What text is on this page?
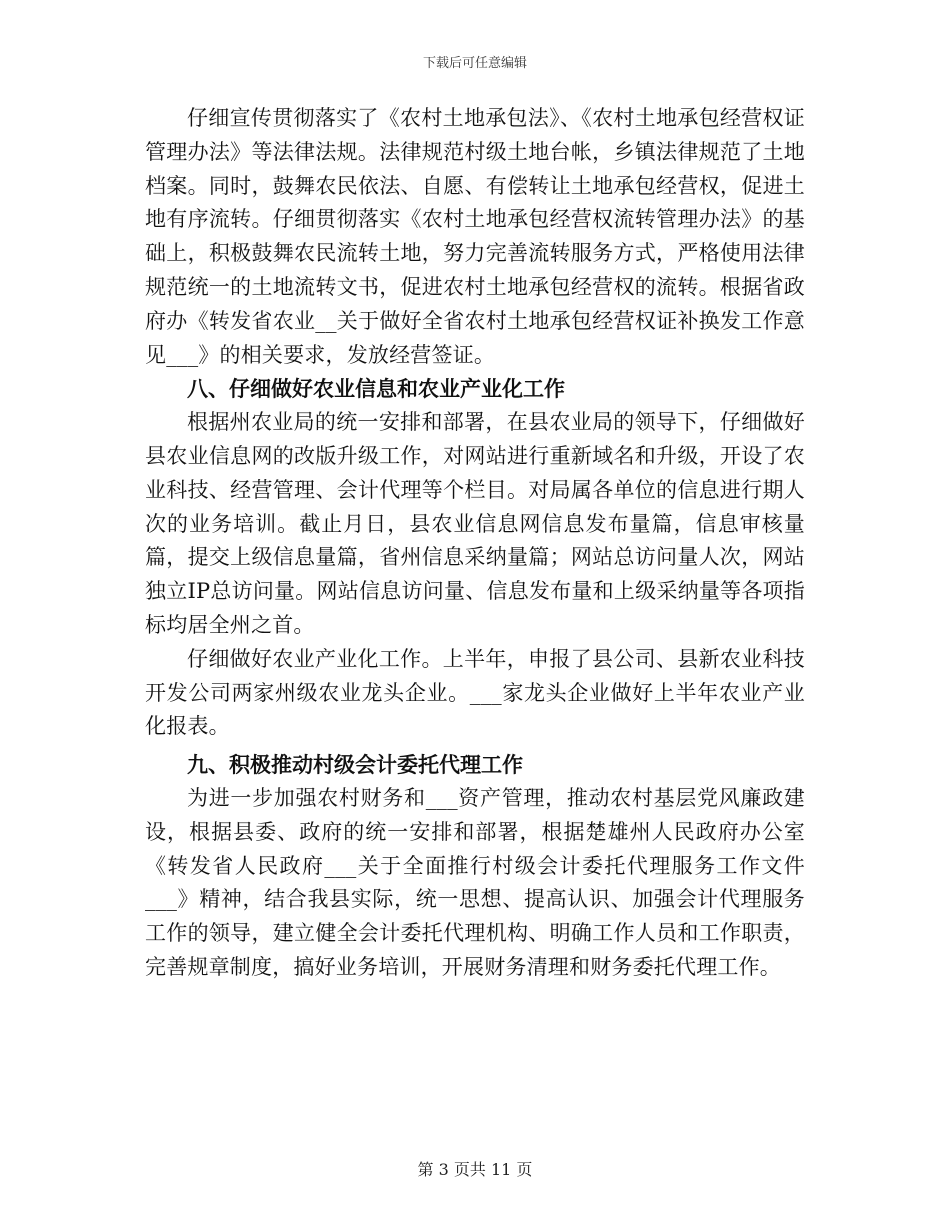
下载后可任意编辑

仔细宣传贯彻落实了《农村土地承包法》、《农村土地承包经营权证管理办法》等法律法规。法律规范村级土地台帐，乡镇法律规范了土地档案。同时，鼓舞农民依法、自愿、有偿转让土地承包经营权，促进土地有序流转。仔细贯彻落实《农村土地承包经营权流转管理办法》的基础上，积极鼓舞农民流转土地，努力完善流转服务方式，严格使用法律规范统一的土地流转文书，促进农村土地承包经营权的流转。根据省政府办《转发省农业__关于做好全省农村土地承包经营权证补换发工作意见___》的相关要求，发放经营签证。

八、仔细做好农业信息和农业产业化工作

根据州农业局的统一安排和部署，在县农业局的领导下，仔细做好县农业信息网的改版升级工作，对网站进行重新域名和升级，开设了农业科技、经营管理、会计代理等个栏目。对局属各单位的信息进行期人次的业务培训。截止月日，县农业信息网信息发布量篇，信息审核量篇，提交上级信息量篇，省州信息采纳量篇；网站总访问量人次，网站独立IP总访问量。网站信息访问量、信息发布量和上级采纳量等各项指标均居全州之首。

仔细做好农业产业化工作。上半年，申报了县公司、县新农业科技开发公司两家州级农业龙头企业。___家龙头企业做好上半年农业产业化报表。

九、积极推动村级会计委托代理工作

为进一步加强农村财务和___资产管理，推动农村基层党风廉政建设，根据县委、政府的统一安排和部署，根据楚雄州人民政府办公室《转发省人民政府___关于全面推行村级会计委托代理服务工作文件___》精神，结合我县实际，统一思想、提高认识、加强会计代理服务工作的领导，建立健全会计委托代理机构、明确工作人员和工作职责，完善规章制度，搞好业务培训，开展财务清理和财务委托代理工作。

第 3 页共 11 页
